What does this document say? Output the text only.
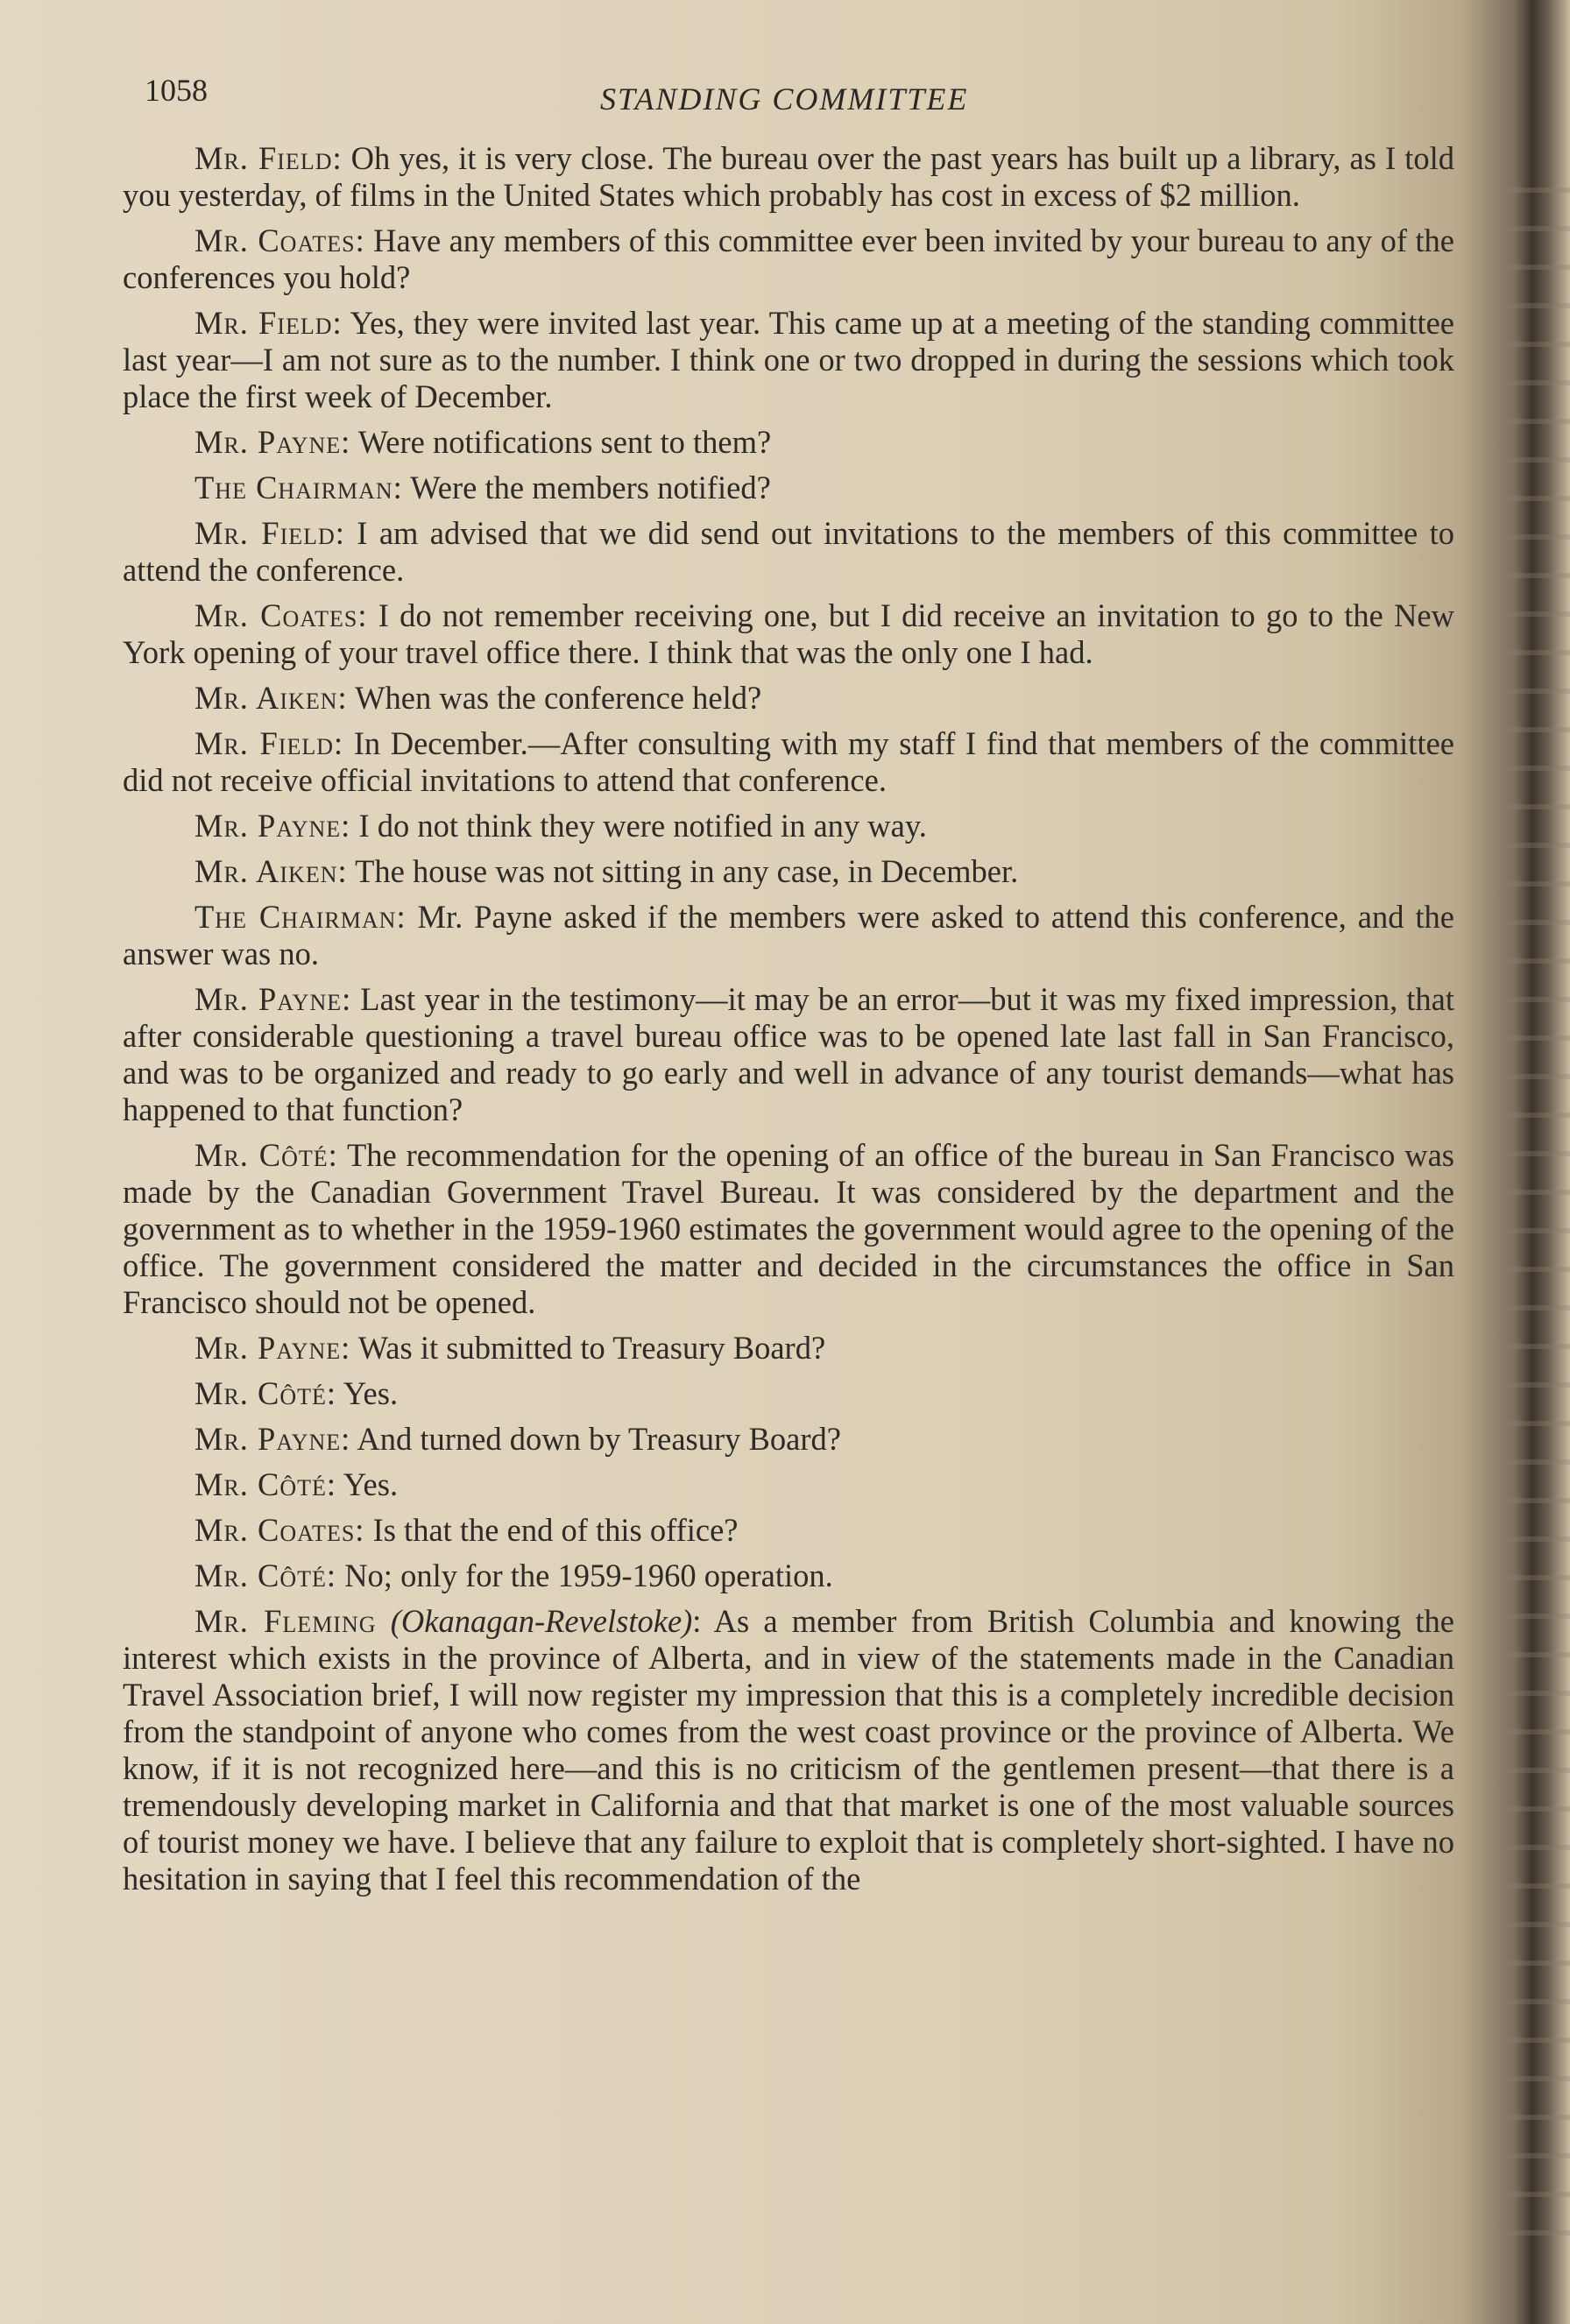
1058	STANDING COMMITTEE

Mr. Field: Oh yes, it is very close. The bureau over the past years has built up a library, as I told you yesterday, of films in the United States which probably has cost in excess of $2 million.

Mr. Coates: Have any members of this committee ever been invited by your bureau to any of the conferences you hold?

Mr. Field: Yes, they were invited last year. This came up at a meeting of the standing committee last year—I am not sure as to the number. I think one or two dropped in during the sessions which took place the first week of December.

Mr. Payne: Were notifications sent to them?

The Chairman: Were the members notified?

Mr. Field: I am advised that we did send out invitations to the members of this committee to attend the conference.

Mr. Coates: I do not remember receiving one, but I did receive an invitation to go to the New York opening of your travel office there. I think that was the only one I had.

Mr. Aiken: When was the conference held?

Mr. Field: In December.—After consulting with my staff I find that members of the committee did not receive official invitations to attend that conference.

Mr. Payne: I do not think they were notified in any way.

Mr. Aiken: The house was not sitting in any case, in December.

The Chairman: Mr. Payne asked if the members were asked to attend this conference, and the answer was no.

Mr. Payne: Last year in the testimony—it may be an error—but it was my fixed impression, that after considerable questioning a travel bureau office was to be opened late last fall in San Francisco, and was to be organized and ready to go early and well in advance of any tourist demands—what has happened to that function?

Mr. Côté: The recommendation for the opening of an office of the bureau in San Francisco was made by the Canadian Government Travel Bureau. It was considered by the department and the government as to whether in the 1959-1960 estimates the government would agree to the opening of the office. The government considered the matter and decided in the circumstances the office in San Francisco should not be opened.

Mr. Payne: Was it submitted to Treasury Board?

Mr. Côté: Yes.

Mr. Payne: And turned down by Treasury Board?

Mr. Côté: Yes.

Mr. Coates: Is that the end of this office?

Mr. Côté: No; only for the 1959-1960 operation.

Mr. Fleming (Okanagan-Revelstoke): As a member from British Columbia and knowing the interest which exists in the province of Alberta, and in view of the statements made in the Canadian Travel Association brief, I will now register my impression that this is a completely incredible decision from the standpoint of anyone who comes from the west coast province or the province of Alberta. We know, if it is not recognized here—and this is no criticism of the gentlemen present—that there is a tremendously developing market in California and that that market is one of the most valuable sources of tourist money we have. I believe that any failure to exploit that is completely short-sighted. I have no hesitation in saying that I feel this recommendation of the
